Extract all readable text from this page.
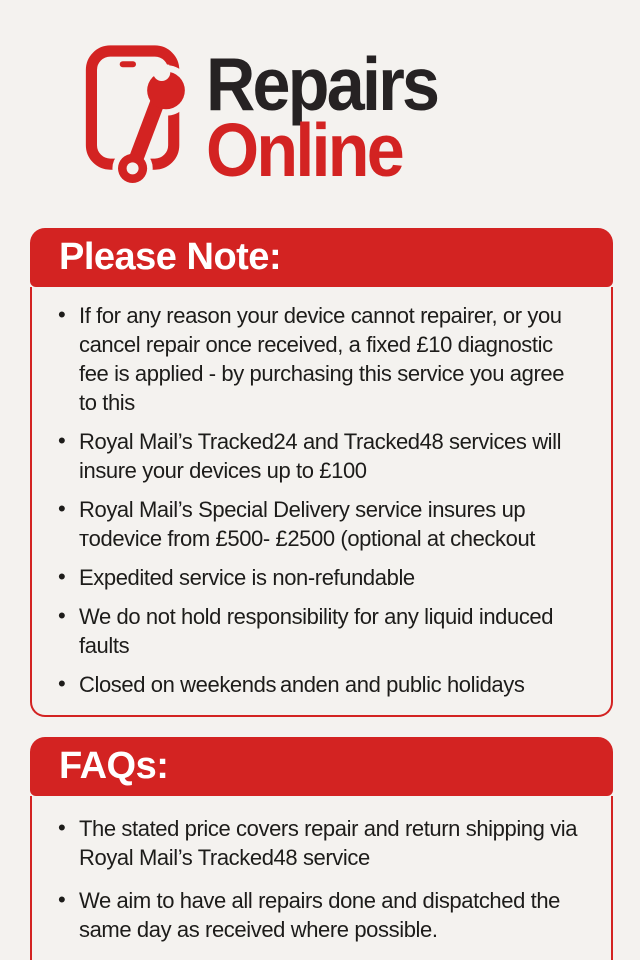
Repairs
Online
Please Note:
• If for any reason your device cannot repairer, or you cancel repair once received, a fixed £10 diagnostic fee is applied - by purchasing this service you agree to this
• Royal Mail’s Tracked24 and Tracked48 services will insure your devices up to £100
• Royal Mail’s Special Delivery service insures up тodevice from £500- £2500 (optional at checkout
• Expedited service is non-refundable
• We do not hold responsibility for any liquid induced faults
• Closed on weekends anden and public holidays
FAQs:
• The stated price covers repair and return shipping via Royal Mail’s Tracked48 service
• We aim to have all repairs done and dispatched the same day as received where possible.
